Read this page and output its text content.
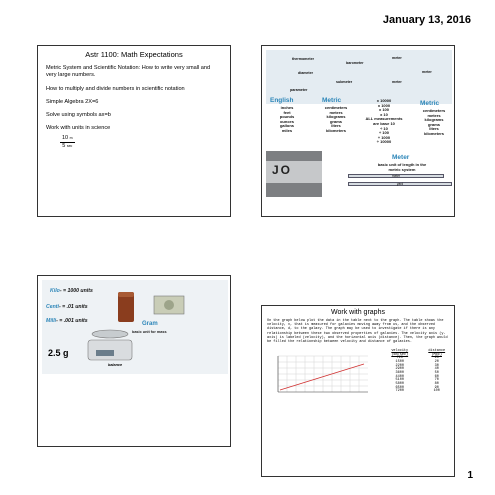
January 13, 2016
Astr 1100: Math Expectations

Metric System and Scientific Notation: How to write very small and very large numbers.

How to multiply and divide numbers in scientific notation

Simple Algebra 2X=6

Solve using symbols ax=b

Work with units in science

$\frac{10 m}{5 \sec}$
thermometer
barometer
diameter
submeter
parameter
meter
meter
meter
English
inches
feet
pounds
ounces
gallons
miles
Metric
centimeters
meters
kilograms
grams
liters
kilometers
x 10000
x 1000
x 100
x 10
ALL measurements
are base 10
÷ 10
÷ 100
÷ 1000
÷ 10000
Metric
centimeters
meters
kilograms
grams
liters
kilometers
JO
Meter
basic unit of length in the metric system
meter
yard
Kilo- = 1000 units
Centi- = .01 units
Milli- = .001 units	Gram
basic unit for mass
2.5 g
balance
Work with graphs
On the graph below plot the data in the table next to the graph. The table shows the velocity, v, that is measured for galaxies moving away from us, and the observed distance, d, to the galaxy. The graph may be used to investigate if there is any relationship between these two observed properties of galaxies. The velocity axis (y-axis) is labeled (velocity), and the horizontal axis (distance). Then, the graph would be filled the relationship between velocity and distance of galaxies.
velocity (km/sec)	distance (Mpc)
720	10
1500	20
2200	30
2900	40
3600	50
4400	60
5100	70
5800	80
6500	90
7200	100
1
